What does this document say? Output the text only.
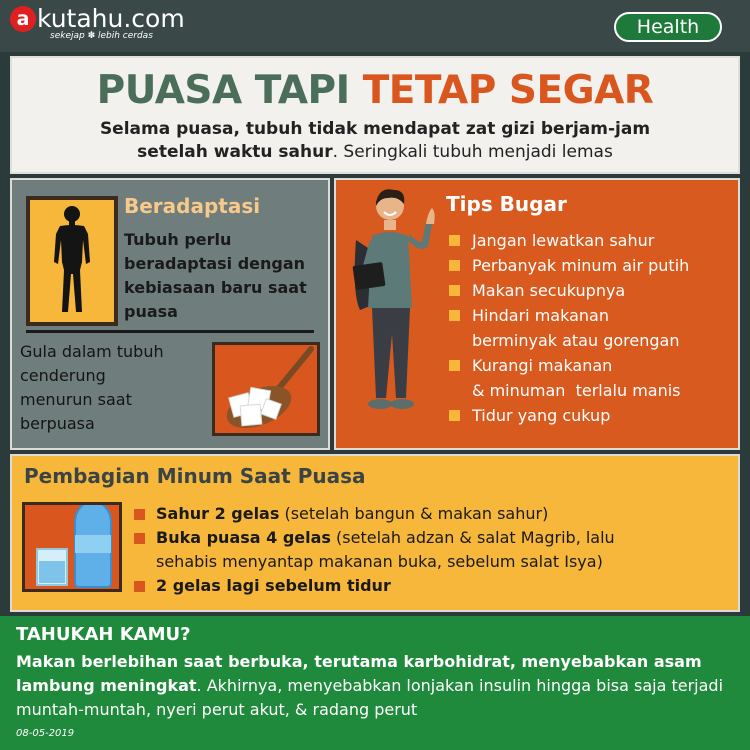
a kutahu.com
sekejap ✽ lebih cerdas	Health
PUASA TAPI TETAP SEGAR
Selama puasa, tubuh tidak mendapat zat gizi berjam-jam
setelah waktu sahur. Seringkali tubuh menjadi lemas
Beradaptasi
Tubuh perlu beradaptasi dengan kebiasaan baru saat puasa
Gula dalam tubuh cenderung menurun saat berpuasa
Tips Bugar
Jangan lewatkan sahur
Perbanyak minum air putih
Makan secukupnya
Hindari makanan
berminyak atau gorengan
Kurangi makanan
& minuman  terlalu manis
Tidur yang cukup
Pembagian Minum Saat Puasa
Sahur 2 gelas (setelah bangun & makan sahur)
Buka puasa 4 gelas (setelah adzan & salat Magrib, lalu
sehabis menyantap makanan buka, sebelum salat Isya)
2 gelas lagi sebelum tidur
TAHUKAH KAMU?
Makan berlebihan saat berbuka, terutama karbohidrat, menyebabkan asam lambung meningkat. Akhirnya, menyebabkan lonjakan insulin hingga bisa saja terjadi muntah-muntah, nyeri perut akut, & radang perut
08-05-2019
